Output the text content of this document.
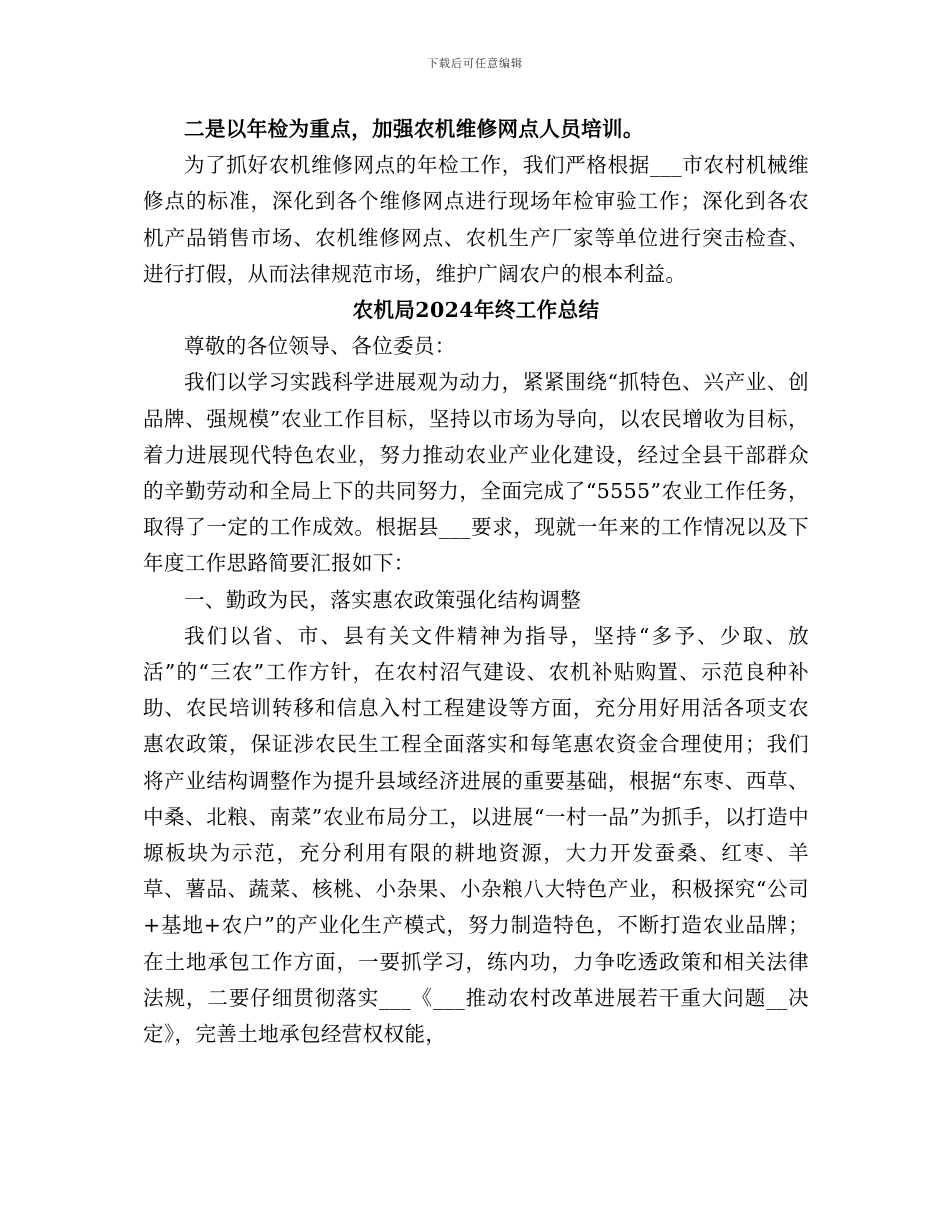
下载后可任意编辑

二是以年检为重点，加强农机维修网点人员培训。

为了抓好农机维修网点的年检工作，我们严格根据___市农村机械维修点的标准，深化到各个维修网点进行现场年检审验工作；深化到各农机产品销售市场、农机维修网点、农机生产厂家等单位进行突击检查、进行打假，从而法律规范市场，维护广阔农户的根本利益。

农机局2024年终工作总结

尊敬的各位领导、各位委员：

我们以学习实践科学进展观为动力，紧紧围绕“抓特色、兴产业、创品牌、强规模”农业工作目标，坚持以市场为导向，以农民增收为目标，着力进展现代特色农业，努力推动农业产业化建设，经过全县干部群众的辛勤劳动和全局上下的共同努力，全面完成了“5555”农业工作任务，取得了一定的工作成效。根据县___要求，现就一年来的工作情况以及下年度工作思路简要汇报如下：

一、勤政为民，落实惠农政策强化结构调整

我们以省、市、县有关文件精神为指导，坚持“多予、少取、放活”的“三农”工作方针，在农村沼气建设、农机补贴购置、示范良种补助、农民培训转移和信息入村工程建设等方面，充分用好用活各项支农惠农政策，保证涉农民生工程全面落实和每笔惠农资金合理使用；我们将产业结构调整作为提升县域经济进展的重要基础，根据“东枣、西草、中桑、北粮、南菜”农业布局分工，以进展“一村一品”为抓手，以打造中塬板块为示范，充分利用有限的耕地资源，大力开发蚕桑、红枣、羊草、薯品、蔬菜、核桃、小杂果、小杂粮八大特色产业，积极探究“公司+基地+农户”的产业化生产模式，努力制造特色，不断打造农业品牌；在土地承包工作方面，一要抓学习，练内功，力争吃透政策和相关法律法规，二要仔细贯彻落实___《___推动农村改革进展若干重大问题__决定》，完善土地承包经营权权能，
